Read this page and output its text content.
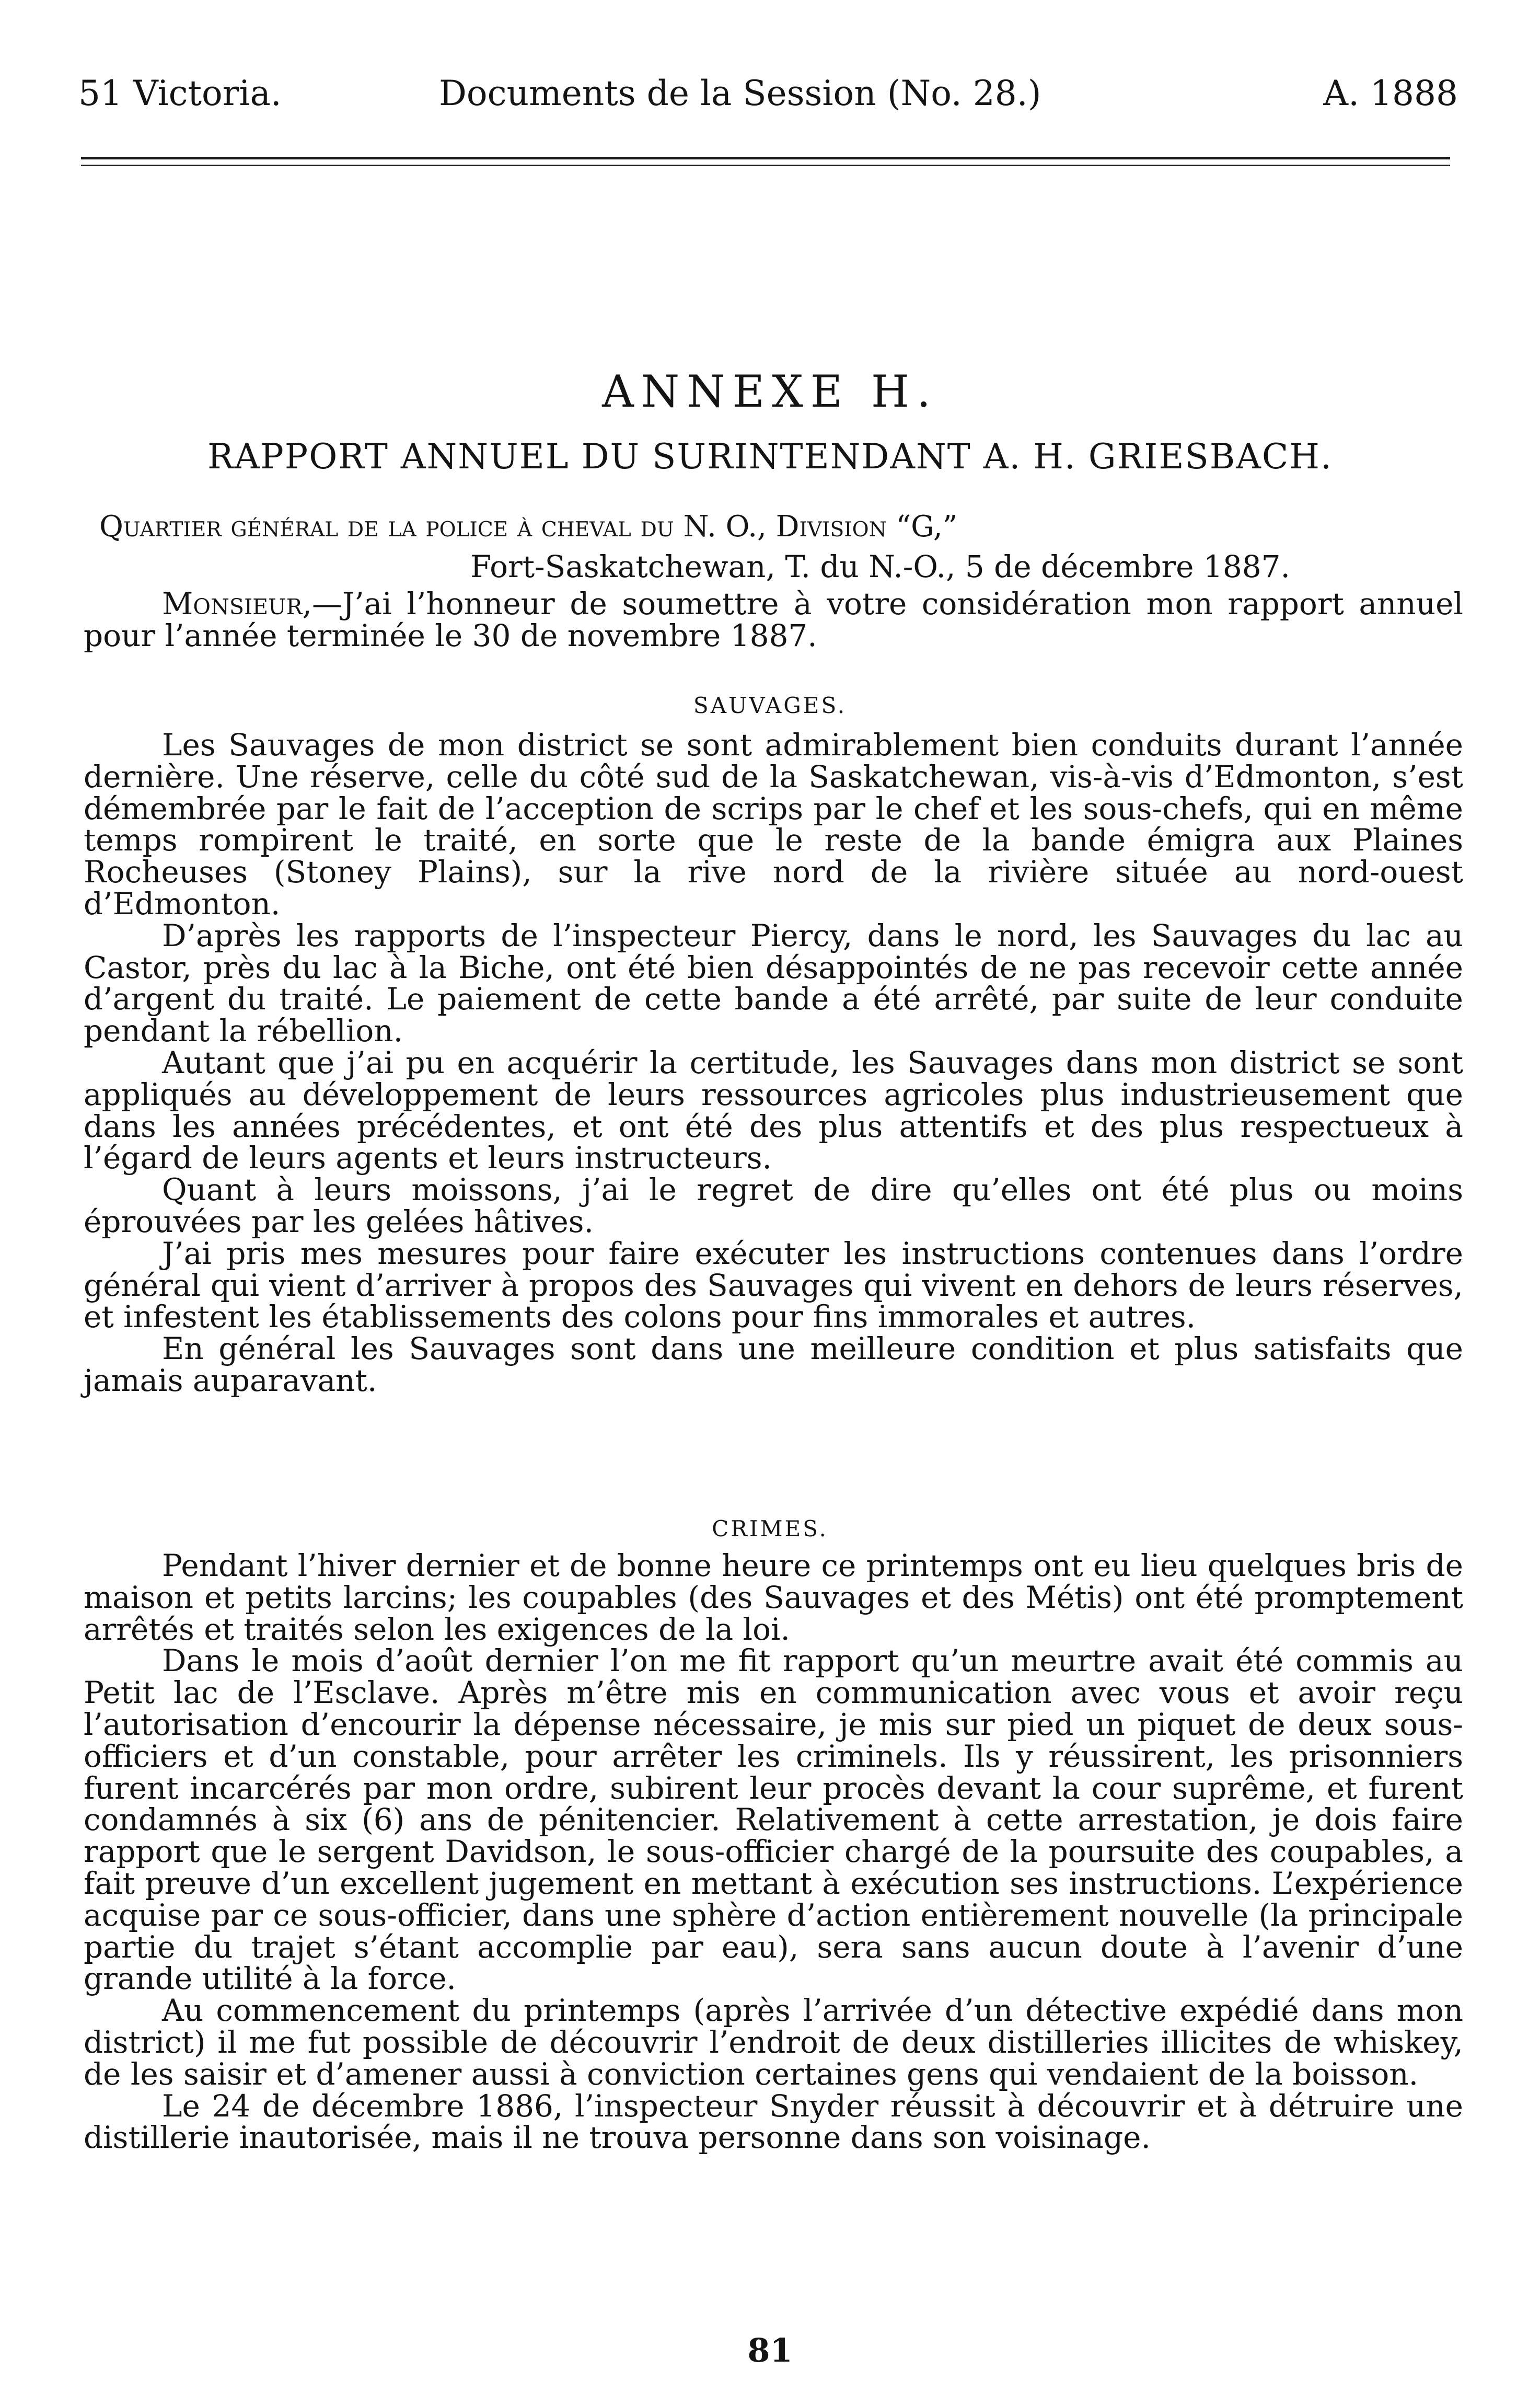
51 Victoria.	Documents de la Session (No. 28.)	A. 1888
ANNEXE H.
RAPPORT ANNUEL DU SURINTENDANT A. H. GRIESBACH.
Quartier général de la police à cheval du N. O., Division “G,”
Fort-Saskatchewan, T. du N.-O., 5 de décembre 1887.

Monsieur,—J’ai l’honneur de soumettre à votre considération mon rapport annuel pour l’année terminée le 30 de novembre 1887.

SAUVAGES.

Les Sauvages de mon district se sont admirablement bien conduits durant l’année dernière. Une réserve, celle du côté sud de la Saskatchewan, vis-à-vis d’Edmonton, s’est démembrée par le fait de l’acception de scrips par le chef et les sous-chefs, qui en même temps rompirent le traité, en sorte que le reste de la bande émigra aux Plaines Rocheuses (Stoney Plains), sur la rive nord de la rivière située au nord-ouest d’Edmonton.

D’après les rapports de l’inspecteur Piercy, dans le nord, les Sauvages du lac au Castor, près du lac à la Biche, ont été bien désappointés de ne pas recevoir cette année d’argent du traité. Le paiement de cette bande a été arrêté, par suite de leur conduite pendant la rébellion.

Autant que j’ai pu en acquérir la certitude, les Sauvages dans mon district se sont appliqués au développement de leurs ressources agricoles plus industrieusement que dans les années précédentes, et ont été des plus attentifs et des plus respectueux à l’égard de leurs agents et leurs instructeurs.

Quant à leurs moissons, j’ai le regret de dire qu’elles ont été plus ou moins éprouvées par les gelées hâtives.

J’ai pris mes mesures pour faire exécuter les instructions contenues dans l’ordre général qui vient d’arriver à propos des Sauvages qui vivent en dehors de leurs réserves, et infestent les établissements des colons pour fins immorales et autres.

En général les Sauvages sont dans une meilleure condition et plus satisfaits que jamais auparavant.

CRIMES.

Pendant l’hiver dernier et de bonne heure ce printemps ont eu lieu quelques bris de maison et petits larcins; les coupables (des Sauvages et des Métis) ont été promptement arrêtés et traités selon les exigences de la loi.

Dans le mois d’août dernier l’on me fit rapport qu’un meurtre avait été commis au Petit lac de l’Esclave. Après m’être mis en communication avec vous et avoir reçu l’autorisation d’encourir la dépense nécessaire, je mis sur pied un piquet de deux sous-officiers et d’un constable, pour arrêter les criminels. Ils y réussirent, les prisonniers furent incarcérés par mon ordre, subirent leur procès devant la cour suprême, et furent condamnés à six (6) ans de pénitencier. Relativement à cette arrestation, je dois faire rapport que le sergent Davidson, le sous-officier chargé de la poursuite des coupables, a fait preuve d’un excellent jugement en mettant à exécution ses instructions. L’expérience acquise par ce sous-officier, dans une sphère d’action entièrement nouvelle (la principale partie du trajet s’étant accomplie par eau), sera sans aucun doute à l’avenir d’une grande utilité à la force.

Au commencement du printemps (après l’arrivée d’un détective expédié dans mon district) il me fut possible de découvrir l’endroit de deux distilleries illicites de whiskey, de les saisir et d’amener aussi à conviction certaines gens qui vendaient de la boisson.

Le 24 de décembre 1886, l’inspecteur Snyder réussit à découvrir et à détruire une distillerie inautorisée, mais il ne trouva personne dans son voisinage.

81
